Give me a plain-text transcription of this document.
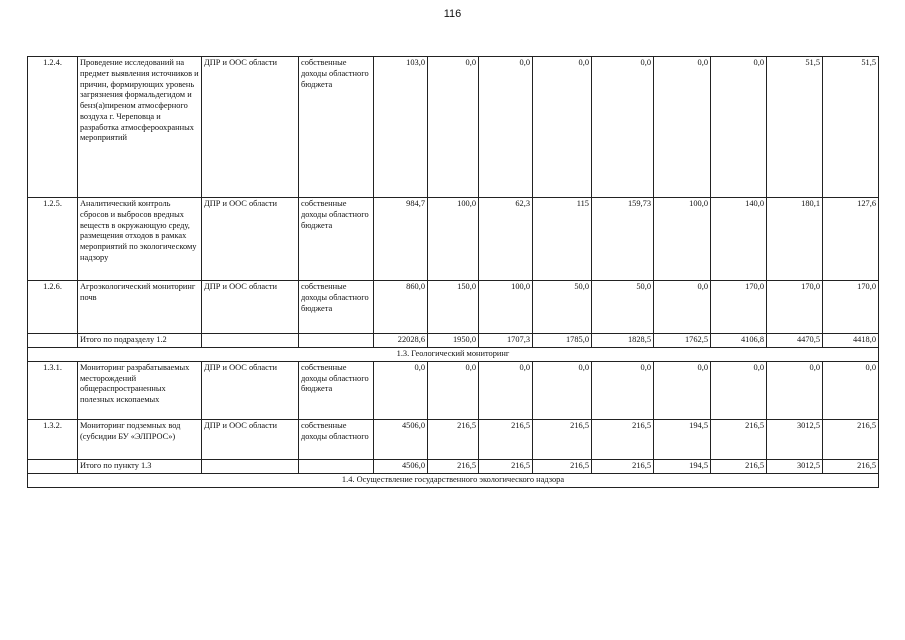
116
1.2.4.	Проведение исследований на предмет выявления источников и причин, формирующих уровень загрязнения формальдегидом и бенз(а)пиреном атмосферного воздуха г. Череповца и разработка атмосфероохранных мероприятий	ДПР и ООС области	собственные доходы областного бюджета	103,0	0,0	0,0	0,0	0,0	0,0	0,0	51,5	51,5
1.2.5.	Аналитический контроль сбросов и выбросов вредных веществ в окружающую среду, размещения отходов в рамках мероприятий по экологическому надзору	ДПР и ООС области	собственные доходы областного бюджета	984,7	100,0	62,3	115	159,73	100,0	140,0	180,1	127,6
1.2.6.	Агроэкологический мониторинг почв	ДПР и ООС области	собственные доходы областного бюджета	860,0	150,0	100,0	50,0	50,0	0,0	170,0	170,0	170,0
	Итого по подразделу 1.2			22028,6	1950,0	1707,3	1785,0	1828,5	1762,5	4106,8	4470,5	4418,0
1.3. Геологический мониторинг												
1.3.1.	Мониторинг разрабатываемых месторождений общераспространенных полезных ископаемых	ДПР и ООС области	собственные доходы областного бюджета	0,0	0,0	0,0	0,0	0,0	0,0	0,0	0,0	0,0
1.3.2.	Мониторинг подземных вод (субсидии БУ «ЭЛПРОС»)	ДПР и ООС области	собственные доходы областного	4506,0	216,5	216,5	216,5	216,5	194,5	216,5	3012,5	216,5
	Итого по пункту 1.3			4506,0	216,5	216,5	216,5	216,5	194,5	216,5	3012,5	216,5
1.4. Осуществление государственного экологического надзора												
